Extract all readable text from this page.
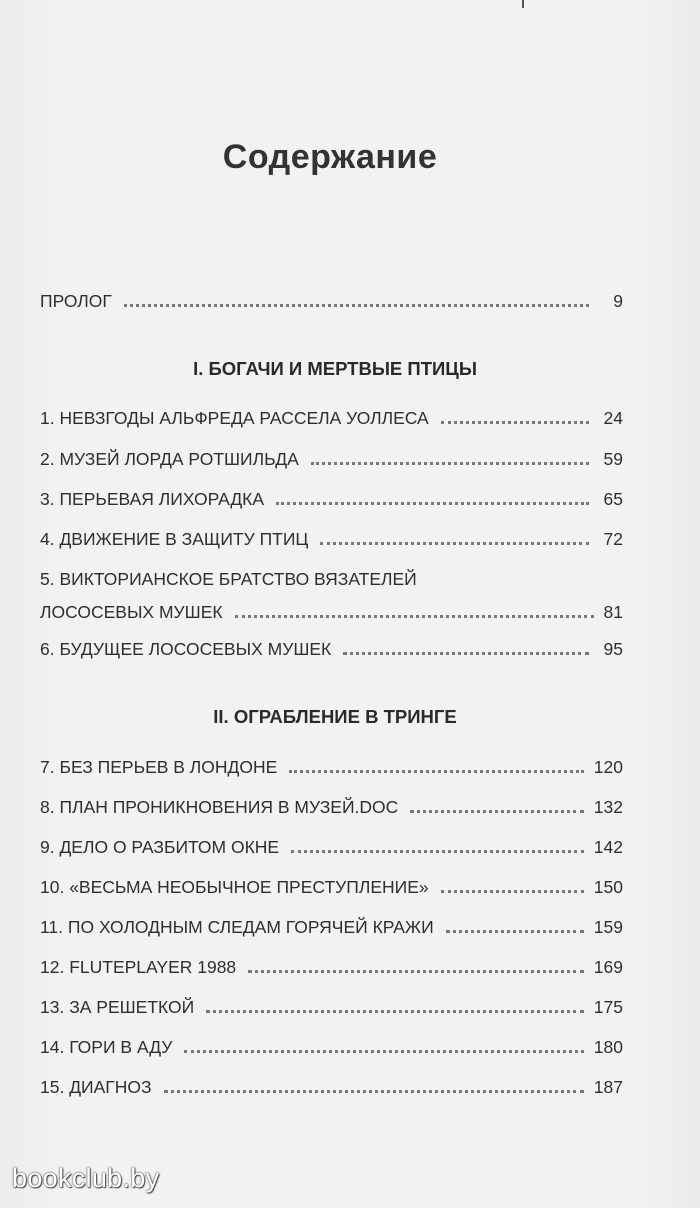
Содержание
ПРОЛОГ	9
I. БОГАЧИ И МЕРТВЫЕ ПТИЦЫ
1. НЕВЗГОДЫ АЛЬФРЕДА РАССЕЛА УОЛЛЕСА	24
2. МУЗЕЙ ЛОРДА РОТШИЛЬДА	59
3. ПЕРЬЕВАЯ ЛИХОРАДКА	65
4. ДВИЖЕНИЕ В ЗАЩИТУ ПТИЦ	72
5. ВИКТОРИАНСКОЕ БРАТСТВО ВЯЗАТЕЛЕЙ
ЛОСОСЕВЫХ МУШЕК	81
6. БУДУЩЕЕ ЛОСОСЕВЫХ МУШЕК	95
II. ОГРАБЛЕНИЕ В ТРИНГЕ
7. БЕЗ ПЕРЬЕВ В ЛОНДОНЕ	120
8. ПЛАН ПРОНИКНОВЕНИЯ В МУЗЕЙ.DOC	132
9. ДЕЛО О РАЗБИТОМ ОКНЕ	142
10. «ВЕСЬМА НЕОБЫЧНОЕ ПРЕСТУПЛЕНИЕ»	150
11. ПО ХОЛОДНЫМ СЛЕДАМ ГОРЯЧЕЙ КРАЖИ	159
12. FLUTEPLAYER 1988	169
13. ЗА РЕШЕТКОЙ	175
14. ГОРИ В АДУ	180
15. ДИАГНОЗ	187
bookclub.by
